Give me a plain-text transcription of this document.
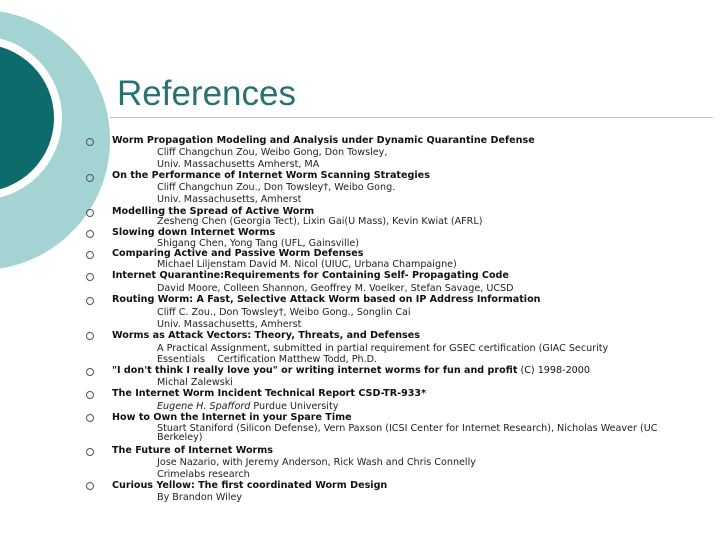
References
Worm Propagation Modeling and Analysis under Dynamic Quarantine Defense
Cliff Changchun Zou, Weibo Gong, Don Towsley,
Univ. Massachusetts Amherst, MA
On the Performance of Internet Worm Scanning Strategies
Cliff Changchun Zou., Don Towsley†, Weibo Gong.
Univ. Massachusetts, Amherst
Modelling the Spread of Active Worm
Zesheng Chen (Georgia Tect), Lixin Gai(U Mass), Kevin Kwiat (AFRL)
Slowing down Internet Worms
Shigang Chen, Yong Tang (UFL, Gainsville)
Comparing Active and Passive Worm Defenses
Michael Liljenstam David M. Nicol (UIUC, Urbana Champaigne)
Internet Quarantine:Requirements for Containing Self- Propagating Code
David Moore, Colleen Shannon, Geoffrey M. Voelker, Stefan Savage, UCSD
Routing Worm: A Fast, Selective Attack Worm based on IP Address Information
Cliff C. Zou., Don Towsley†, Weibo Gong., Songlin Cai
Univ. Massachusetts, Amherst
Worms as Attack Vectors: Theory, Threats, and Defenses
A Practical Assignment, submitted in partial requirement for GSEC certification (GIAC Security
Essentials    Certification Matthew Todd, Ph.D.
"I don't think I really love you" or writing internet worms for fun and profit (C) 1998-2000
Michal Zalewski
The Internet Worm Incident Technical Report CSD-TR-933*
Eugene H. Spafford Purdue University
How to Own the Internet in your Spare Time
Stuart Staniford (Silicon Defense), Vern Paxson (ICSI Center for Internet Research), Nicholas Weaver (UC Berkeley)
The Future of Internet Worms
Jose Nazario, with Jeremy Anderson, Rick Wash and Chris Connelly
Crimelabs research
Curious Yellow: The first coordinated Worm Design
By Brandon Wiley
